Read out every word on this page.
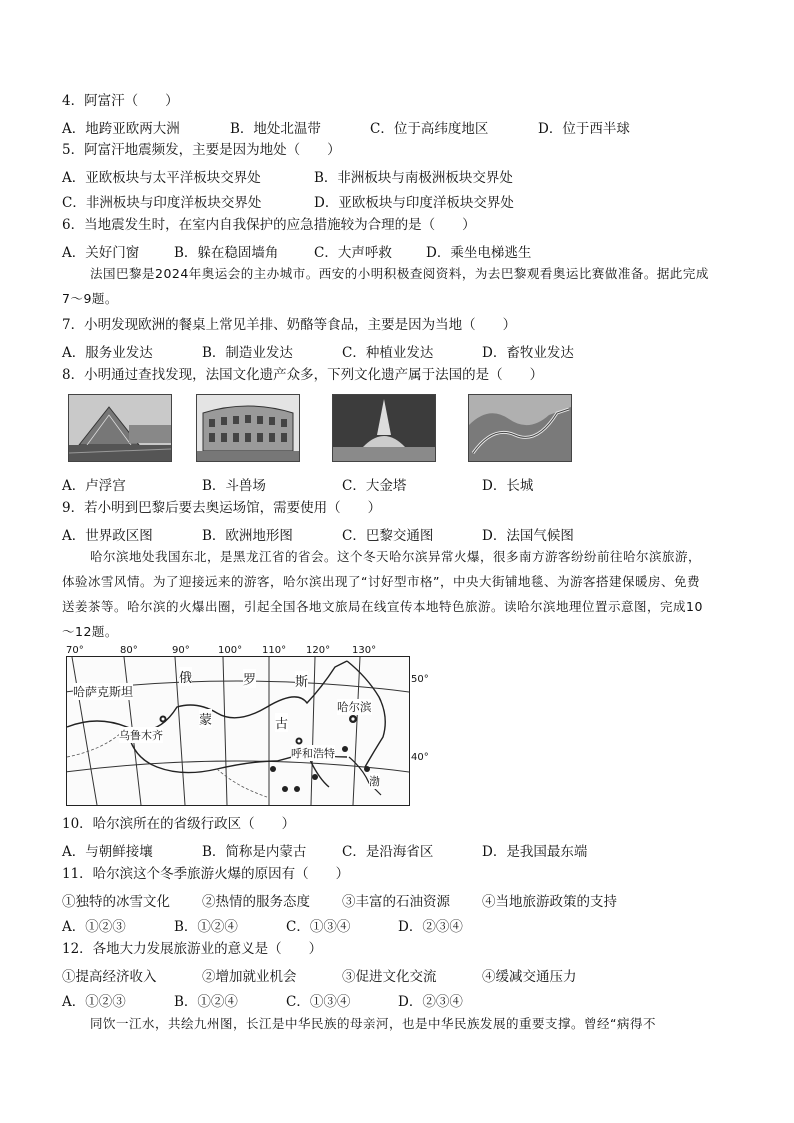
4．阿富汗（　　）
A．地跨亚欧两大洲	B．地处北温带	C．位于高纬度地区	D．位于西半球
5．阿富汗地震频发，主要是因为地处（　　）
A．亚欧板块与太平洋板块交界处	B．非洲板块与南极洲板块交界处
C．非洲板块与印度洋板块交界处	D．亚欧板块与印度洋板块交界处
6．当地震发生时，在室内自我保护的应急措施较为合理的是（　　）
A．关好门窗	B．躲在稳固墙角	C．大声呼救	D．乘坐电梯逃生
法国巴黎是2024年奥运会的主办城市。西安的小明积极查阅资料，为去巴黎观看奥运比赛做准备。据此完成7～9题。
7．小明发现欧洲的餐桌上常见羊排、奶酪等食品，主要是因为当地（　　）
A．服务业发达	B．制造业发达	C．种植业发达	D．畜牧业发达
8．小明通过查找发现，法国文化遗产众多，下列文化遗产属于法国的是（　　）
A．卢浮宫	B．斗兽场	C．大金塔	D．长城
9．若小明到巴黎后要去奥运场馆，需要使用（　　）
A．世界政区图	B．欧洲地形图	C．巴黎交通图	D．法国气候图
哈尔滨地处我国东北，是黑龙江省的省会。这个冬天哈尔滨异常火爆，很多南方游客纷纷前往哈尔滨旅游，体验冰雪风情。为了迎接远来的游客，哈尔滨出现了“讨好型市格”，中央大街铺地毯、为游客搭建保暖房、免费送姜茶等。哈尔滨的火爆出圈，引起全国各地文旅局在线宣传本地特色旅游。读哈尔滨地理位置示意图，完成10～12题。
70°	80°	90°	100° 110° 120° 130°
50°
40°
哈萨克斯坦
俄	罗	斯
蒙	古
乌鲁木齐
哈尔滨
呼和浩特
渤
10．哈尔滨所在的省级行政区（　　）
A．与朝鲜接壤	B．简称是内蒙古	C．是沿海省区	D．是我国最东端
11．哈尔滨这个冬季旅游火爆的原因有（　　）
①独特的冰雪文化 ②热情的服务态度 ③丰富的石油资源 ④当地旅游政策的支持
A．①②③	B．①②④	C．①③④	D．②③④
12．各地大力发展旅游业的意义是（　　）
①提高经济收入	②增加就业机会	③促进文化交流	④缓减交通压力
A．①②③	B．①②④	C．①③④	D．②③④
同饮一江水，共绘九州图，长江是中华民族的母亲河，也是中华民族发展的重要支撑。曾经“病得不
